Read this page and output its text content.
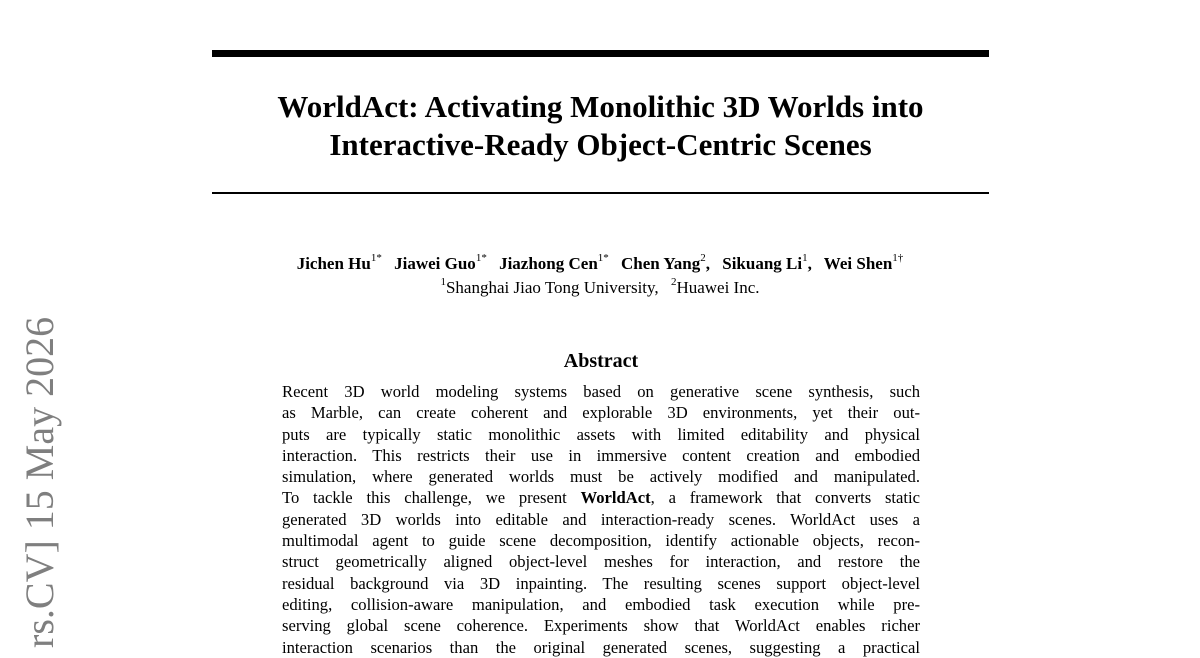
WorldAct: Activating Monolithic 3D Worlds into
Interactive-Ready Object-Centric Scenes
Jichen $Hu^{1*}$ Jiawei Guo$^{1*}$ Jiazhong Cen$^{1*}$ Chen Yang$^2$, Sikuang Li$^1$, Wei Shen$^{1\dagger}$
$^1$Shanghai Jiao Tong University, $^2$Huawei Inc.
Abstract
Recent 3D world modeling systems based on generative scene synthesis, such
as Marble, can create coherent and explorable 3D environments, yet their out-
puts are typically static monolithic assets with limited editability and physical
interaction. This restricts their use in immersive content creation and embodied
simulation, where generated worlds must be actively modified and manipulated.
To tackle this challenge, we present WorldAct, a framework that converts static
generated 3D worlds into editable and interaction-ready scenes. WorldAct uses a
multimodal agent to guide scene decomposition, identify actionable objects, recon-
struct geometrically aligned object-level meshes for interaction, and restore the
residual background via 3D inpainting. The resulting scenes support object-level
editing, collision-aware manipulation, and embodied task execution while pre-
serving global scene coherence. Experiments show that WorldAct enables richer
interaction scenarios than the original generated scenes, suggesting a practical
rs.CV] 15 May 2026
